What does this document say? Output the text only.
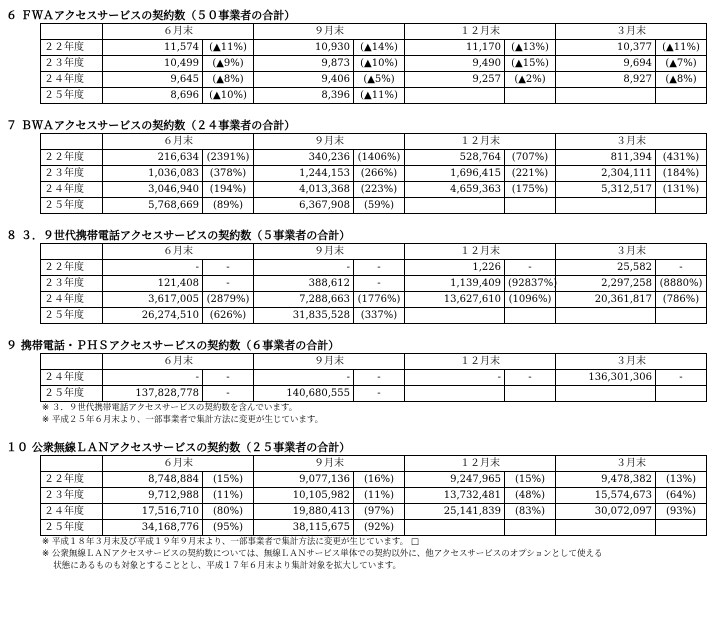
６ ＦＷＡアクセスサービスの契約数（５０事業者の合計）
	６月末		９月末		１２月末		３月末	
２２年度	11,574	(▲11%)	10,930	(▲14%)	11,170	(▲13%)	10,377	(▲11%)
２３年度	10,499	(▲9%)	9,873	(▲10%)	9,490	(▲15%)	9,694	(▲7%)
２４年度	9,645	(▲8%)	9,406	(▲5%)	9,257	(▲2%)	8,927	(▲8%)
２５年度	8,696	(▲10%)	8,396	(▲11%)				
７ ＢＷＡアクセスサービスの契約数（２４事業者の合計）
	６月末		９月末		１２月末		３月末	
２２年度	216,634	(2391%)	340,236	(1406%)	528,764	(707%)	811,394	(431%)
２３年度	1,036,083	(378%)	1,244,153	(266%)	1,696,415	(221%)	2,304,111	(184%)
２４年度	3,046,940	(194%)	4,013,368	(223%)	4,659,363	(175%)	5,312,517	(131%)
２５年度	5,768,669	(89%)	6,367,908	(59%)				
８ ３．９世代携帯電話アクセスサービスの契約数（５事業者の合計）
	６月末		９月末		１２月末		３月末	
２２年度	-	-	-	-	1,226	-	25,582	-
２３年度	121,408	-	388,612	-	1,139,409	(92837%)	2,297,258	(8880%)
２４年度	3,617,005	(2879%)	7,288,663	(1776%)	13,627,610	(1096%)	20,361,817	(786%)
２５年度	26,274,510	(626%)	31,835,528	(337%)				
９ 携帯電話・ＰＨＳアクセスサービスの契約数（６事業者の合計）
	６月末		９月末		１２月末		３月末	
２４年度	-	-	-	-	-	-	136,301,306	-
２５年度	137,828,778	-	140,680,555	-				
※ ３．９世代携帯電話アクセスサービスの契約数を含んでいます。
※ 平成２５年６月末より、一部事業者で集計方法に変更が生じています。
１０ 公衆無線ＬＡＮアクセスサービスの契約数（２５事業者の合計）
	６月末		９月末		１２月末		３月末	
２２年度	8,748,884	(15%)	9,077,136	(16%)	9,247,965	(15%)	9,478,382	(13%)
２３年度	9,712,988	(11%)	10,105,982	(11%)	13,732,481	(48%)	15,574,673	(64%)
２４年度	17,516,710	(80%)	19,880,413	(97%)	25,141,839	(83%)	30,072,097	(93%)
２５年度	34,168,776	(95%)	38,115,675	(92%)				
※ 平成１８年３月末及び平成１９年９月末より、一部事業者で集計方法に変更が生じています。 □
※ 公衆無線ＬＡＮアクセスサービスの契約数については、無線ＬＡＮサービス単体での契約以外に、他アクセスサービスのオプションとして使える
　 状態にあるものも対象とすることとし、平成１７年６月末より集計対象を拡大しています。
